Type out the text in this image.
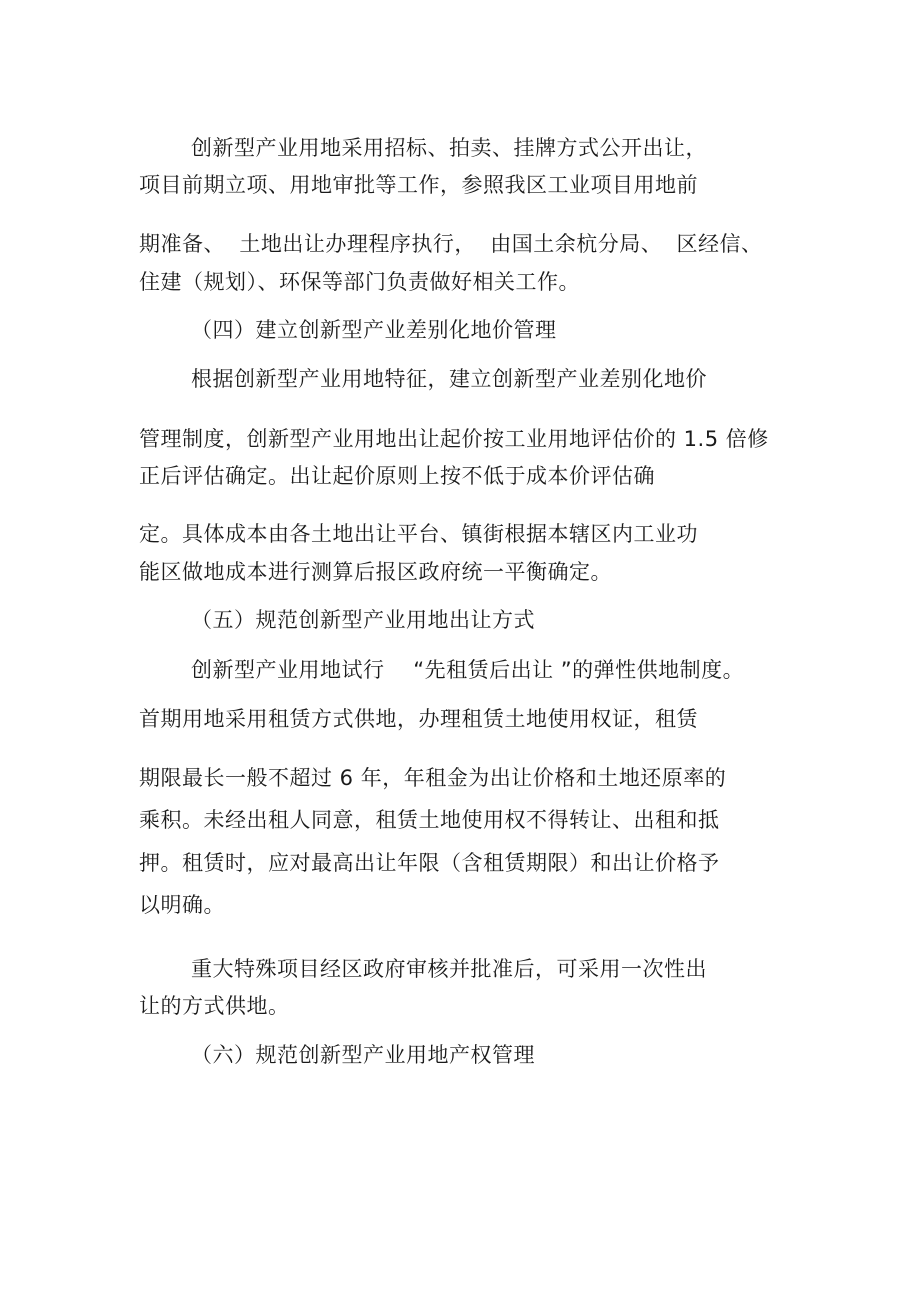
创新型产业用地采用招标、拍卖、挂牌方式公开出让，
项目前期立项、用地审批等工作，参照我区工业项目用地前
期准备、  土地出让办理程序执行，  由国土余杭分局、  区经信、
住建（规划）、环保等部门负责做好相关工作。
（四）建立创新型产业差别化地价管理
根据创新型产业用地特征，建立创新型产业差别化地价
管理制度，创新型产业用地出让起价按工业用地评估价的 1.5 倍修
正后评估确定。出让起价原则上按不低于成本价评估确
定。具体成本由各土地出让平台、镇街根据本辖区内工业功
能区做地成本进行测算后报区政府统一平衡确定。
（五）规范创新型产业用地出让方式
创新型产业用地试行    “先租赁后出让 ”的弹性供地制度。
首期用地采用租赁方式供地，办理租赁土地使用权证，租赁
期限最长一般不超过 6 年，年租金为出让价格和土地还原率的
乘积。未经出租人同意，租赁土地使用权不得转让、出租和抵
押。租赁时，应对最高出让年限（含租赁期限）和出让价格予
以明确。
重大特殊项目经区政府审核并批准后，可采用一次性出
让的方式供地。
（六）规范创新型产业用地产权管理
